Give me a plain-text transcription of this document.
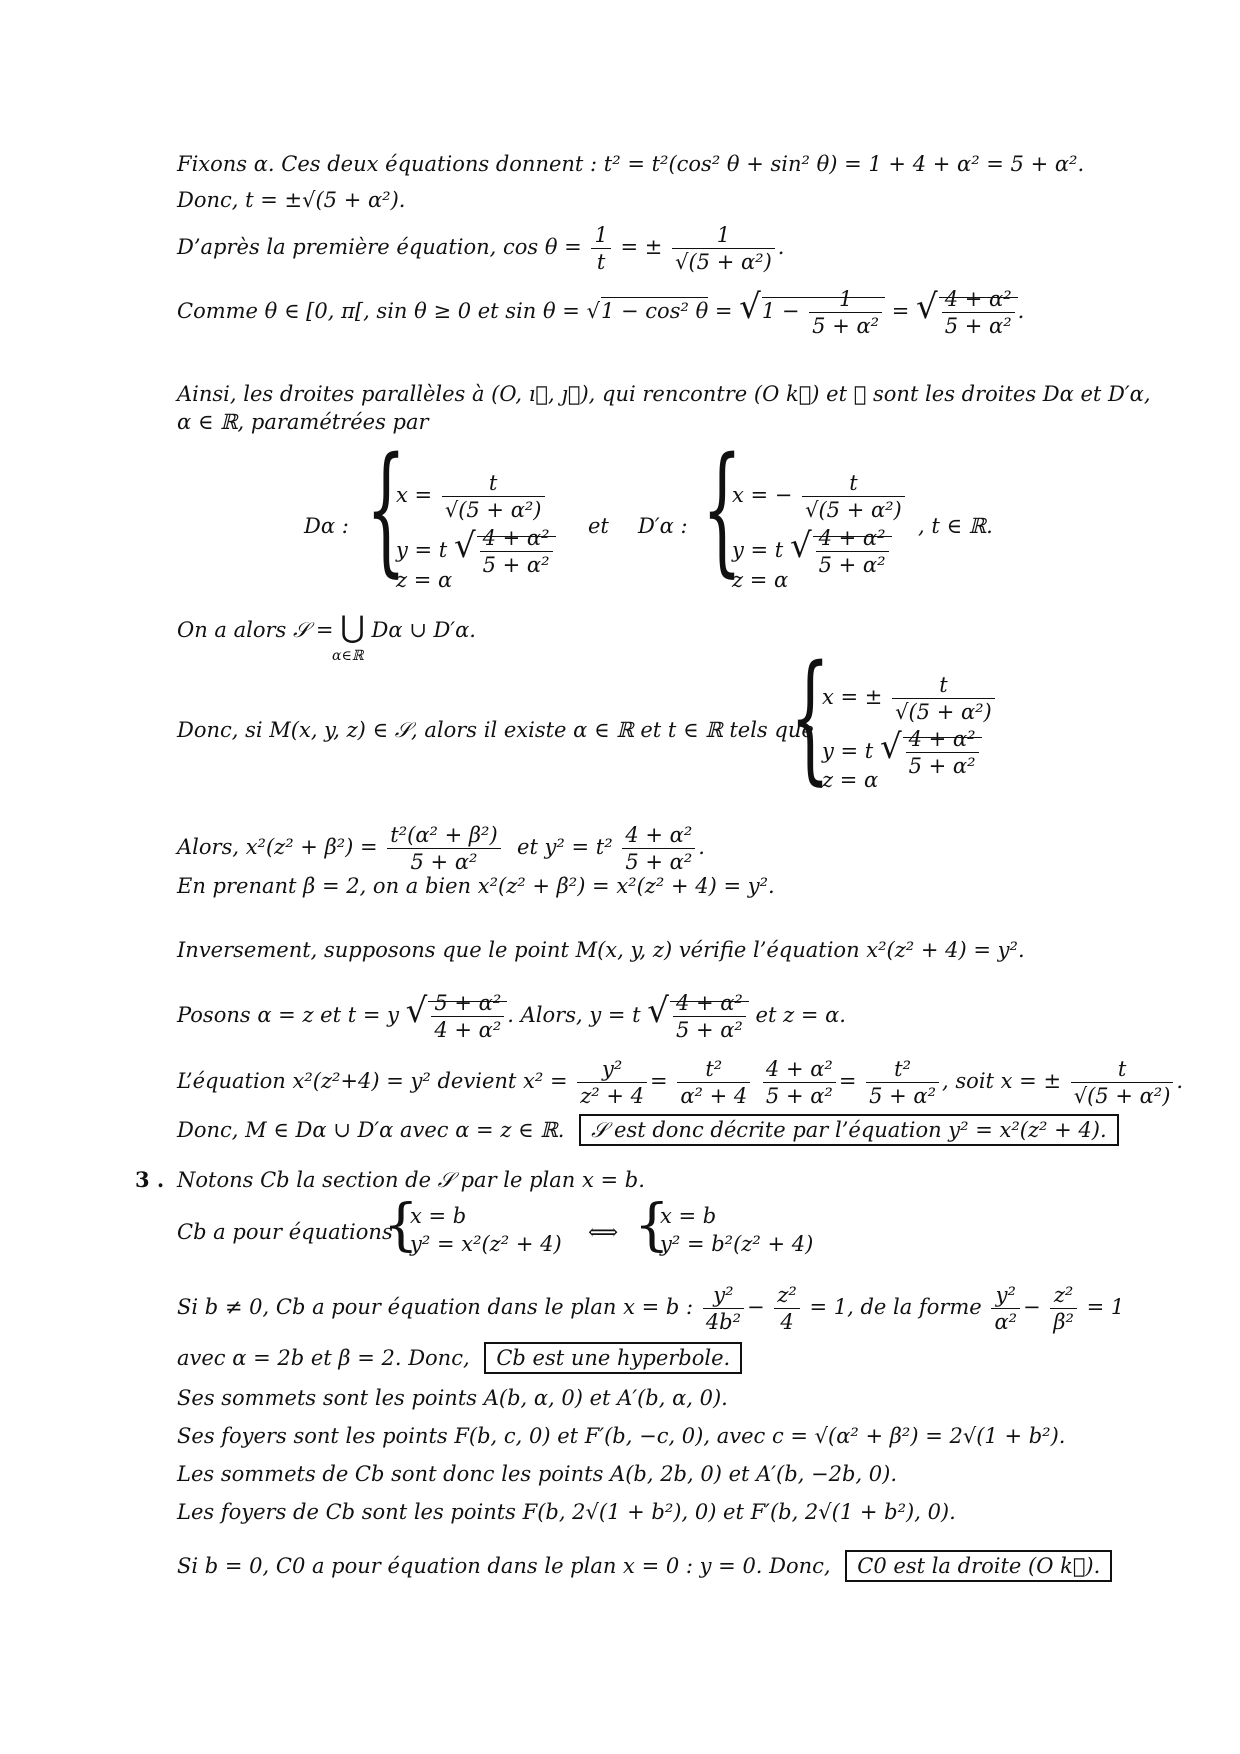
Fixons α. Ces deux équations donnent : t² = t²(cos² θ + sin² θ) = 1 + 4 + α² = 5 + α².
Donc, t = ±√(5 + α²).
D’après la première équation, $\cos \theta = \frac{1}{t}$ = ± $\frac{1}{\text{√(5 + α²)}}$ .
Comme θ ∈ [0, π[, sin θ ≥ 0 et sin θ = √1 − cos² $\theta = √1 - \frac{1}{\text{5 + α²}}$ = √ $\frac{\text{4 + α²}}{\text{5 + α²}}$ .
Ainsi, les droites parallèles à (O, ı⃗, ȷ⃗), qui rencontre (O k⃗) et ℋ sont les droites Dα et D′α,
α ∈ ℝ, paramétrées par
Dα : {
$x = \frac{t}{\text{√(5 + α²)}}$
y = t √ $\frac{\text{4 + α²}}{\text{5 + α²}}$
z = α
et D′α : {
x = − $\frac{t}{\text{√(5 + α²)}}$
y = t √ $\frac{\text{4 + α²}}{\text{5 + α²}}$
z = α
, t ∈ ℝ.
On a alors 𝒮 = ⋃ Dα ∪ D′α.
α∈ℝ
Donc, si M(x, y, z) ∈ 𝒮, alors il existe α ∈ ℝ et t ∈ ℝ tels que
{
x = ± $\frac{t}{\text{√(5 + α²)}}$
y = t √ $\frac{\text{4 + α²}}{\text{5 + α²}}$
z = α
Alors, $x^2(z^2 + \beta^2) = \frac{\text{t²(α² + β²)}}{\text{5 + α²}}$ et $y^2 = t^2 \frac{\text{4 + α²}}{\text{5 + α²}}$ .
En prenant β = 2, on a bien x²(z² + β²) = x²(z² + 4) = y².
Inversement, supposons que le point M(x, y, z) vérifie l’équation x²(z² + 4) = y².
Posons α = z et t = y √ $\frac{\text{5 + α²}}{\text{4 + α²}}$ . Alors, y = t √ $\frac{\text{4 + α²}}{\text{5 + α²}}$ et z = α.
L’équation x²(z²+4) = y² devient $x^2 = \frac{\text{y²}}{\text{z² + 4}} = \frac{\text{t²}}{\text{α² + 4}}$
$\frac{\text{4 + α²}}{\text{5 + α²}} = \frac{\text{t²}}{\text{5 + α²}}$ , soit x = ± $\frac{t}{\text{√(5 + α²)}}$ .
Donc, M ∈ Dα ∪ D′α avec α = z ∈ ℝ. 𝒮 est donc décrite par l’équation y² = x²(z² + 4).
3 . Notons Cb la section de 𝒮 par le plan x = b.
Cb a pour équations
{
x = b
y² = x²(z² + 4) ⟺ {
x = b
y² = b²(z² + 4)
Si b ≠ 0, Cb a pour équation dans le plan x = b : $\frac{\text{y²}}{\text{4b²}} - \frac{\text{z²}}{4} = 1$, de la forme $\frac{\text{y²}}{\text{α²}} - \frac{\text{z²}}{\text{β²}} = 1$
avec α = 2b et β = 2. Donc, Cb est une hyperbole.
Ses sommets sont les points A(b, α, 0) et A′(b, α, 0).
Ses foyers sont les points F(b, c, 0) et F′(b, −c, 0), avec c = √(α² + β²) = 2√(1 + b²).
Les sommets de Cb sont donc les points A(b, 2b, 0) et A′(b, −2b, 0).
Les foyers de Cb sont les points F(b, 2√(1 + b²), 0) et F′(b, 2√(1 + b²), 0).
Si b = 0, C0 a pour équation dans le plan x = 0 : y = 0. Donc, C0 est la droite (O k⃗).
